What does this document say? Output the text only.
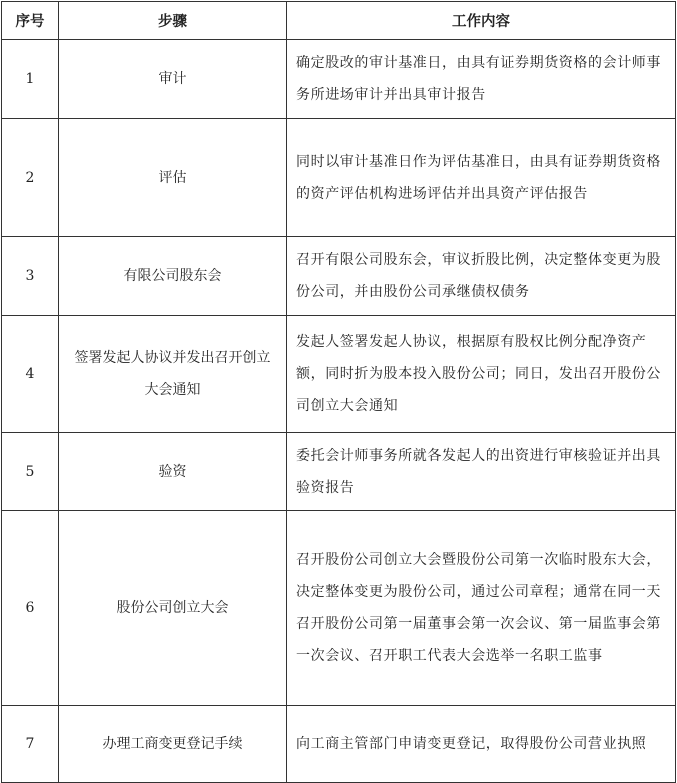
序号	步骤	工作内容
1	审计	确定股改的审计基准日，由具有证券期货资格的会计师事务所进场审计并出具审计报告
2	评估	同时以审计基准日作为评估基准日，由具有证券期货资格的资产评估机构进场评估并出具资产评估报告
3	有限公司股东会	召开有限公司股东会，审议折股比例，决定整体变更为股份公司，并由股份公司承继债权债务
4	签署发起人协议并发出召开创立大会通知	发起人签署发起人协议，根据原有股权比例分配净资产额，同时折为股本投入股份公司；同日，发出召开股份公司创立大会通知
5	验资	委托会计师事务所就各发起人的出资进行审核验证并出具验资报告
6	股份公司创立大会	召开股份公司创立大会暨股份公司第一次临时股东大会，决定整体变更为股份公司，通过公司章程；通常在同一天召开股份公司第一届董事会第一次会议、第一届监事会第一次会议、召开职工代表大会选举一名职工监事
7	办理工商变更登记手续	向工商主管部门申请变更登记，取得股份公司营业执照
